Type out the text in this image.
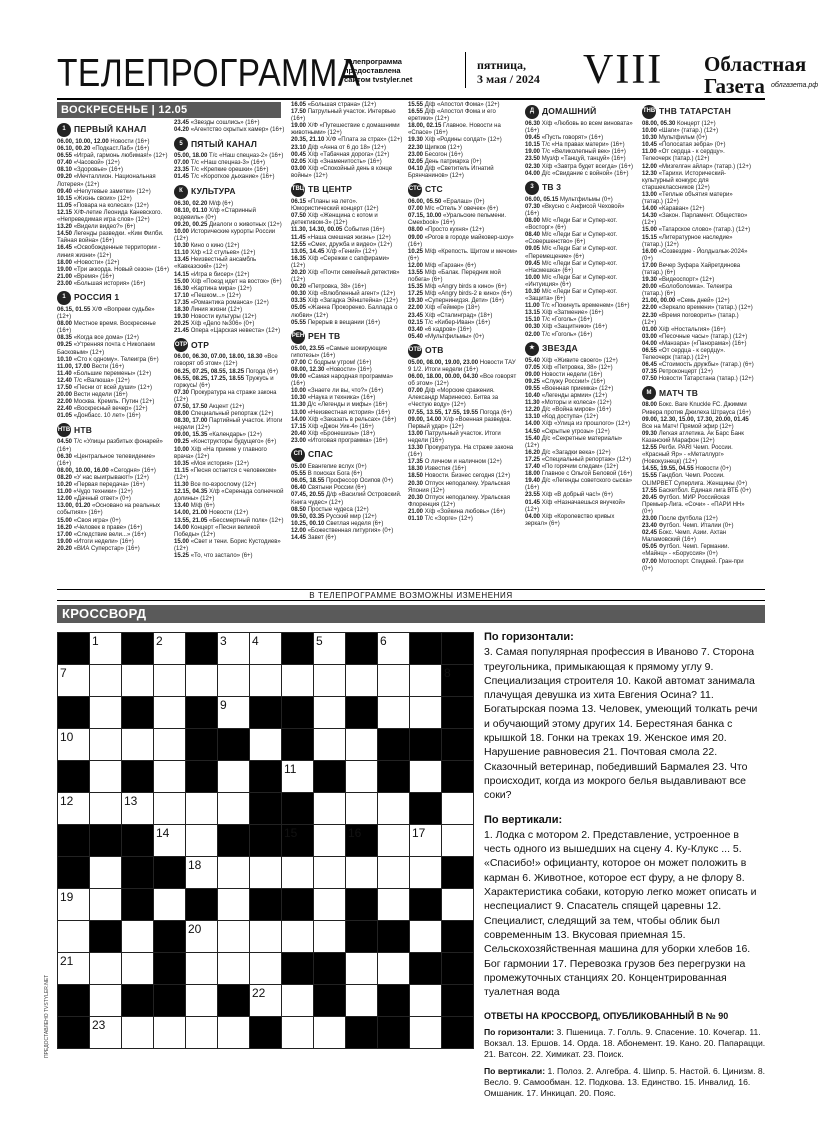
ТЕЛЕПРОГРАММА
Телепрограмма предоставлена сайтом tvstyler.net
пятница,
3 мая / 2024 VIII Областная
Газета облгазета.рф
ВОСКРЕСЕНЬЕ | 12.05
1 ПЕРВЫЙ КАНАЛ
06.00, 10.00, 12.00 Новости (16+)
06.10, 00.20 «Подкаст.Лаб» (16+)
06.55 «Играй, гармонь любимая!» (12+)
07.40 «Часовой» (12+)
08.10 «Здоровье» (16+)
09.20 «Мечталлион. Национальная Лотерея» (12+)
09.40 «Непутевые заметки» (12+)
10.15 «Жизнь своих» (12+)
11.05 «Повара на колесах» (12+)
12.15 Х/Ф-летие Леонида Каневского. «Непреведимая игра слов» (12+)
13.20 «Видели видео?» (6+)
14.50 Легенды разведки. «Ким Филби. Тайная война» (16+)
16.45 «Освобожденные территории - линия жизни» (12+)
18.00 «Новости» (12+)
19.00 «Три аккорда. Новый сезон» (16+)
21.00 «Время» (16+)
23.00 «Большая история» (16+)
1 РОССИЯ 1
06.15, 01.55 Х/Ф «Вопреки судьбе» (12+)
08.00 Местное время. Воскресенье (16+)
08.35 «Когда все дома» (12+)
09.25 «Утренняя почта с Николаем Басковым» (12+)
10.10 «Сто к одному». Телеигра (6+)
11.00, 17.00 Вести (16+)
11.40 «Большие перемены» (12+)
12.40 Т/с «Валюша» (12+)
17.50 «Песни от всей души» (12+)
20.00 Вести недели (16+)
22.00 Москва. Кремль. Путин (12+)
22.40 «Воскресный вечер» (12+)
01.05 «Донбасс. 10 лет» (16+)
НТВ НТВ
04.50 Т/с «Улицы разбитых фонарей» (16+)
06.30 «Центральное телевидение» (16+)
08.00, 10.00, 16.00 «Сегодня» (16+)
08.20 «У нас выигрывают!» (12+)
10.20 «Первая передача» (16+)
11.00 «Чудо техники» (12+)
12.00 «Дачный ответ» (0+)
13.00, 01.20 «Основано на реальных событиях» (16+)
15.00 «Своя игра» (0+)
16.20 «Человек в праве» (16+)
17.00 «Следствие вели...» (16+)
19.00 «Итоги недели» (16+)
20.20 «ВИА Суперстар» (16+)
23.45 «Звезды сошлись» (16+)
04.20 «Агентство скрытых камер» (16+)
5 ПЯТЫЙ КАНАЛ
05.00, 18.00 Т/с «Наш спецназ-2» (16+)
07.00 Т/с «Наш спецназ-3» (16+)
23.35 Т/с «Крепкие орешки» (16+)
01.45 Т/с «Короткое дыхание» (16+)
К КУЛЬТУРА
06.30, 02.20 М/ф (6+)
08.10, 01.10 Х/ф «Старинный водевиль» (0+)
09.20, 00.25 Диалоги о животных (12+)
10.00 Исторические курорты России (12+)
10.30 Кино о кино (12+)
11.10 Х/ф «12 стульев» (12+)
13.45 Неизвестный ансамбль «Кавказский» (12+)
14.15 «Игра в бисер» (12+)
15.00 Х/ф «Поезд идет на восток» (6+)
16.30 «Картина мира» (12+)
17.10 «Пешком...» (12+)
17.35 «Романтика романса» (12+)
18.30 Линия жизни (12+)
19.30 Новости культуры (12+)
20.25 Х/ф «Дело №306» (0+)
21.45 Опера «Царская невеста» (12+)
ОТР ОТР
06.00, 06.30, 07.00, 18.00, 18.30 «Все говорят об этом» (12+)
06.25, 07.25, 08.55, 18.25 Погода (6+)
06.55, 08.25, 17.25, 18.55 Тружусь и горжусь! (6+)
07.30 Прокуратура на страже закона (12+)
07.50, 17.50 Акцент (12+)
08.00 Специальный репортаж (12+)
08.30, 17.00 Партийный участок. Итоги недели (12+)
09.00, 15.35 «Календарь» (12+)
09.25 «Конструкторы будущего» (6+)
10.00 Х/ф «На приеме у главного врача» (12+)
10.35 «Моя история» (12+)
11.15 «Песня остается с человеком» (12+)
11.30 Все по-взрослому (12+)
12.15, 04.35 Х/ф «Серенада солнечной долины» (12+)
13.40 М/ф (6+)
14.00, 21.00 Новости (12+)
13.55, 21.05 «Бессмертный полк» (12+)
14.00 Концерт «Песни великой Победы» (12+)
15.00 «Свет и тени. Борис Кустодиев» (12+)
15.25 «То, что застало» (6+)
16.05 «Большая страна» (12+)
17.50 Патрульный участок. Интервью (16+)
19.00 Х/Ф «Путешествие с домашними животными» (12+)
20.35, 21.10 Х/Ф «Плата за страх» (12+)
23.10 Д/ф «Анна от 6 до 18» (12+)
00.45 Х/ф «Табачная дорога» (12+)
02.05 Х/ф «Знаменитость» (16+)
03.00 Х/ф «Спокойный день в конце войны» (12+)
ТВЦ ТВ ЦЕНТР
06.15 «Планы на лето». Юмористический концерт (12+)
07.50 Х/ф «Женщина с котом и детективом-3» (12+)
11.30, 14.30, 00.05 События (16+)
11.45 «Наша смешная жизнь» (12+)
12.55 «Смех, дружба и видео» (12+)
13.05, 14.45 Х/ф «Гений» (12+)
16.35 Х/ф «Сережки с сапфирами» (12+)
20.20 Х/ф «Почти семейный детектив» (12+)
00.20 «Петровка, 38» (16+)
00.30 Х/ф «Влюбленный агент» (12+)
03.35 Х/ф «Загадка Эйнштейна» (12+)
05.05 «Жанна Прокоренко. Баллада о любви» (12+)
05.55 Перерыв в вещании (16+)
РЕН РЕН ТВ
05.00, 23.55 «Самые шокирующие гипотезы» (16+)
07.00 С бодрым утром! (16+)
08.00, 12.30 «Новости» (16+)
09.00 «Самая народная программа» (16+)
10.00 «Знаете ли вы, что?» (16+)
10.30 «Наука и техника» (16+)
11.30 Д/с «Легенды и мифы» (16+)
13.00 «Неизвестная история» (16+)
14.00 Х/ф «Заказать в рельсах» (16+)
17.15 Х/ф «Джон Уик-4» (16+)
20.40 Х/ф «Бронешизы» (18+)
23.00 «Итоговая программа» (16+)
СП СПАС
05.00 Евангелие вслух (0+)
05.55 В поисках Бога (6+)
06.05, 18.55 Профессор Осипов (0+)
06.40 Святыни России (6+)
07.45, 20.55 Д/ф «Василий Островский. Книга чудес» (12+)
08.50 Простые чудеса (12+)
09.50, 03.35 Русский мир (12+)
10.25, 00.10 Светлая неделя (6+)
12.00 «Божественная литургия» (0+)
14.45 Завет (6+)
15.55 Д/ф «Апостол Фома» (12+)
16.55 Д/ф «Апостол Фома и его еретики» (12+)
18.00, 02.15 Главное. Новости на «Спасе» (16+)
19.30 Х/ф «Родины солдат» (12+)
22.30 Щипков (12+)
23.00 Бесогон (16+)
02.05 День патриарха (0+)
04.10 Д/ф «Светитель Игнатий Брянчанинов» (12+)
СТС СТС
06.00, 05.50 «Ералаш» (0+)
07.00 М/с «Отель У овечек» (6+)
07.15, 10.00 «Уральские пельмени. Смехbook» (16+)
08.00 «Просто кухня» (12+)
09.00 «Рогов в городе майковер-шоу» (16+)
10.25 М/ф «Крепость. Щитом и мечом» (6+)
12.00 М/ф «Гарзан» (6+)
13.55 М/ф «Балак. Передник мой побега» (6+)
15.35 М/ф «Angry birds в кино» (6+)
17.25 М/ф «Angry birds-2 в кино» (6+)
19.30 «Супернинидзя. Дети» (16+)
22.00 Х/ф «Геймер» (18+)
23.45 Х/ф «Сталинград» (18+)
02.15 Т/с «Кибер-Иван» (16+)
03.40 «6 кадров» (16+)
05.40 «Мультфильмы» (0+)
ОТВ ОТВ
05.00, 08.00, 19.00, 23.00 Новости ТАУ 9 1/2. Итоги недели (16+)
06.00, 18.00, 00.00, 04.30 «Все говорят об этом» (12+)
07.00 Д/ф «Морские сражения. Александр Маринеско. Битва за «Честую воду» (12+)
07.55, 13.55, 17.55, 19.55 Погода (6+)
09.00, 14.00 Х/ф «Военная разведка. Первый удар» (12+)
13.00 Патрульный участок. Итоги недели (16+)
13.30 Прокуратура. На страже закона (16+)
17.35 О личном и наличном (12+)
18.30 Известия (16+)
18.50 Новости. Бизнес сегодня (12+)
20.30 Отпуск неподалеку. Уральская Япония (12+)
20.30 Отпуск неподалеку. Уральская Флоренция (12+)
21.00 Х/ф «Зойкина любовь» (16+)
01.10 Т/с «Зорге» (12+)
Д ДОМАШНИЙ
06.30 Х/ф «Любовь во всем виновата» (16+)
09.45 «Пусть говорят» (16+)
10.15 Т/с «На правах матери» (16+)
19.00 Т/с «Великолепный век» (16+)
23.50 Муз/ф «Танцуй, танцуй» (16+)
02.30 Х/ф «Завтра будет всегда» (16+)
04.00 Д/с «Свидание с войной» (16+)
3 ТВ 3
06.00, 05.15 Мультфильмы (0+)
07.30 «Вкусно с Анфисой Чеховой» (16+)
08.00 М/с «Леди Баг и Супер-кот. «Восторг» (6+)
08.40 М/с «Леди Баг и Супер-кот. «Совершенство» (6+)
09.05 М/с «Леди Баг и Супер-кот. «Перемещение» (6+)
09.45 М/с «Леди Баг и Супер-кот. «Насмешка» (6+)
10.00 М/с «Леди Баг и Супер-кот. «Интуиция» (6+)
10.30 М/с «Леди Баг и Супер-кот. «Защита» (6+)
11.00 Т/с «Покинуть временем» (16+)
13.15 Х/ф «Затмение» (16+)
15.10 Т/с «Гоголь» (16+)
00.30 Х/ф «Защитники» (16+)
02.00 Т/с «Гоголь» (16+)
★ ЗВЕЗДА
05.40 Х/ф «Живите своего» (12+)
07.05 Х/ф «Петровка, 38» (12+)
09.00 Новости недели (16+)
09.25 «Служу России!» (16+)
09.55 «Военная приемка» (12+)
10.40 «Легенды армии» (12+)
11.30 «Моторы и колеса» (12+)
12.20 Д/с «Война миров» (16+)
13.10 «Код доступа» (12+)
14.00 Х/ф «Улица из прошлого» (12+)
14.50 «Скрытые угрозы» (12+)
15.40 Д/с «Секретные материалы» (12+)
16.20 Д/с «Загадки века» (12+)
17.25 «Специальный репортаж» (12+)
17.40 «По горячим следам» (12+)
18.00 Главное с Ольгой Беловой (16+)
19.40 Д/с «Легенды советского сыска» (16+)
23.55 Х/ф «В добрый час!» (6+)
01.45 Х/ф «Назначаешься внучкой» (12+)
04.00 Х/ф «Королевство кривых зеркал» (6+)
ТНВ ТНВ ТАТАРСТАН
08.00, 05.30 Концерт (12+)
10.00 «Шаги» (татар.) (12+)
10.30 Мультфильм (0+)
10.45 «Полосатая зебра» (0+)
11.00 «От сердца - к сердцу». Телеочерк (татар.) (12+)
12.00 «Мизгелгән айлар» (татар.) (12+)
12.30 «Тарихи. Исторический-культурный конкурс для старшеклассников (12+)
13.00 «Теплые объятия матери» (татар.) (12+)
14.00 «Караван» (12+)
14.30 «Закон. Парламент. Общество» (12+)
15.00 «Татарское слово» (татар.) (12+)
15.15 «Литературное наследие» (татар.) (12+)
16.00 «Созвездие - Йолдызлык-2024» (0+)
17.00 Вечер Зуфара Хайретдинова (татар.) (6+)
19.30 «Видеоспорт» (12+)
20.00 «Болоболомка». Телеигра (татар.) (6+)
21.00, 00.00 «Семь дней» (12+)
22.00 «Зеркало времени» (татар.) (12+)
22.30 «Время поговорить» (татар.) (12+)
01.00 Х/ф «Ностальгия» (16+)
03.00 «Песочные часы» (татар.) (12+)
04.00 «Манзара» («Панорама») (16+)
06.55 «От сердца - к сердцу». Телеочерк (татар.) (12+)
06.45 «Стоимость дружбы» (татар.) (6+)
07.35 Ретроконцерт (12+)
07.50 Новости Татарстана (татар.) (12+)
М МАТЧ ТВ
08.00 Бокс. Bare Knuckle FC. Джимми Ривера против Джилеха Штрауса (16+)
09.00, 12.30, 15.00, 17.30, 20.00, 01.45 Все на Матч! Прямой эфир (12+)
09.30 Легкая атлетика. Ак Барс Банк Казанский Марафон (12+)
12.55 Регби. PARI Чемп. России. «Красный Яр» - «Металлург» (Новокузнецк) (12+)
14.55, 19.55, 04.55 Новости (0+)
15.55 Гандбол. Чемп. России. OLIMPBET Суперлига. Женщины (0+)
17.55 Баскетбол. Единая лига ВТБ (0+)
20.45 Футбол. МИР Российская Премьер-Лига. «Сочи» - «ПАРИ НН» (0+)
23.00 После футбола (12+)
23.40 Футбол. Чемп. Италии (0+)
02.45 Бокс. Чемп. Азии. Ахтан Маламовский (16+)
05.05 Футбол. Чемп. Германии. «Майнц» - «Боруссия» (0+)
07.00 Мотоспорт. Спидвей. Гран-при (0+)
В ТЕЛЕПРОГРАММЕ ВОЗМОЖНЫ ИЗМЕНЕНИЯ
КРОССВОРД
1	2	3 4	5	6
7	8
9
10
11
12	13
14	15	16	17
18
19
20
21
22
23
По горизонтали:
3. Самая популярная профессия в Иваново 7. Сторона треугольника, примыкающая к прямому углу 9. Специализация строителя 10. Какой автомат занимала плачущая девушка из хита Евгения Осина? 11. Богатырская поэма 13. Человек, умеющий толкать речи и обучающий этому других 14. Берестяная банка с крышкой 18. Гонки на треках 19. Женское имя 20. Нарушение равновесия 21. Почтовая смола 22. Сказочный ветеринар, победивший Бармалея 23. Что происходит, когда из мокрого белья выдавливают все соки?
По вертикали:
1. Лодка с мотором 2. Представление, устроенное в честь одного из вышедших на сцену 4. Ку-Клукс ... 5. «Спасибо!» официанту, которое он может положить в карман 6. Животное, которое ест фуру, а не флору 8. Характеристика собаки, которую легко может описать и неспециалист 9. Спасатель спящей царевны 12. Специалист, следящий за тем, чтобы облик был современным 13. Вкусовая приемная 15. Сельскохозяйственная машина для уборки хлебов 16. Бог гармонии 17. Перевозка грузов без перегрузки на промежуточных станциях 20. Концентрированная туалетная вода
ОТВЕТЫ НА КРОССВОРД, ОПУБЛИКОВАННЫЙ В № 90
По горизонтали: 3. Пшеница. 7. Голль. 9. Спасение. 10. Кочегар. 11. Вокзал. 13. Ершов. 14. Орда. 18. Абонемент. 19. Кано. 20. Папарацци. 21. Ватсон. 22. Химикат. 23. Поиск.
По вертикали: 1. Полоз. 2. Алгебра. 4. Шипр. 5. Настой. 6. Цинизм. 8. Весло. 9. Самообман. 12. Подкова. 13. Единство. 15. Инвалид. 16. Омшаник. 17. Инкицап. 20. Пояс.
ПРЕДОСТАВЛЕНО TVSTYLER.NET
